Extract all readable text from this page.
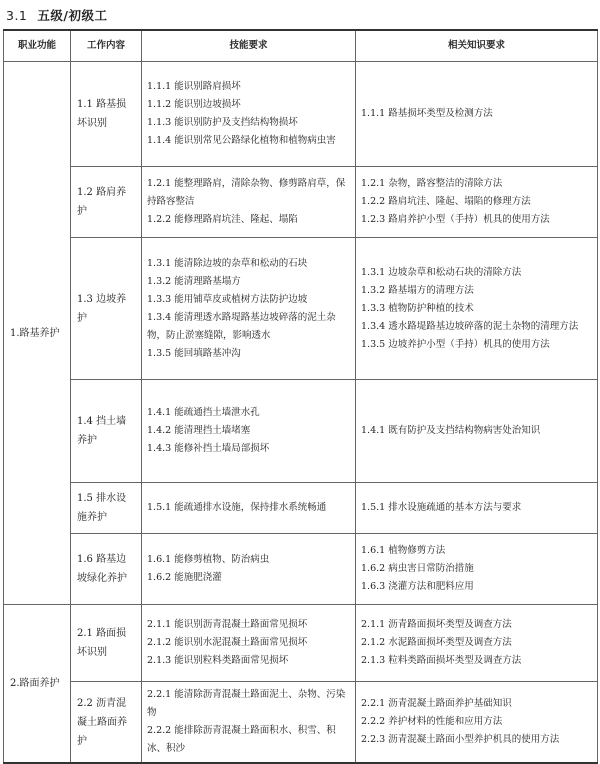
3.1 五级/初级工
职业功能	工作内容	技能要求	相关知识要求
1.路基养护	1.1 路基损坏识别	1.1.1 能识别路肩损坏
1.1.2 能识别边坡损坏
1.1.3 能识别防护及支挡结构物损坏
1.1.4 能识别常见公路绿化植物和植物病虫害	1.1.1 路基损坏类型及检测方法

	1.2 路肩养护	1.2.1 能整理路肩，清除杂物、修剪路肩草，保持路容整洁
1.2.2 能修理路肩坑洼、隆起、塌陷	1.2.1 杂物，路容整洁的清除方法
1.2.2 路肩坑洼、隆起、塌陷的修理方法
1.2.3 路肩养护小型（手持）机具的使用方法

	1.3 边坡养护	1.3.1 能清除边坡的杂草和松动的石块
1.3.2 能清理路基塌方
1.3.3 能用铺草皮或植树方法防护边坡
1.3.4 能清理透水路堤路基边坡碎落的泥土杂物，防止淤塞缝隙，影响透水
1.3.5 能回填路基冲沟	1.3.1 边坡杂草和松动石块的清除方法
1.3.2 路基塌方的清理方法
1.3.3 植物防护种植的技术
1.3.4 透水路堤路基边坡碎落的泥土杂物的清理方法
1.3.5 边坡养护小型（手持）机具的使用方法

	1.4 挡土墙养护	1.4.1 能疏通挡土墙泄水孔
1.4.2 能清理挡土墙堵塞
1.4.3 能修补挡土墙局部损坏	1.4.1 既有防护及支挡结构物病害处治知识

	1.5 排水设施养护	1.5.1 能疏通排水设施，保持排水系统畅通	1.5.1 排水设施疏通的基本方法与要求

	1.6 路基边坡绿化养护	1.6.1 能修剪植物、防治病虫
1.6.2 能施肥浇灌	1.6.1 植物修剪方法
1.6.2 病虫害日常防治措施
1.6.3 浇灌方法和肥料应用

2.路面养护	2.1 路面损坏识别	2.1.1 能识别沥青混凝土路面常见损坏
2.1.2 能识别水泥混凝土路面常见损坏
2.1.3 能识别粒料类路面常见损坏	2.1.1 沥青路面损坏类型及调查方法
2.1.2 水泥路面损坏类型及调查方法
2.1.3 粒料类路面损坏类型及调查方法

	2.2 沥青混凝土路面养护	2.2.1 能清除沥青混凝土路面泥土、杂物、污染物
2.2.2 能排除沥青混凝土路面积水、积雪、积冰、积沙	2.2.1 沥青混凝土路面养护基础知识
2.2.2 养护材料的性能和应用方法
2.2.3 沥青混凝土路面小型养护机具的使用方法
